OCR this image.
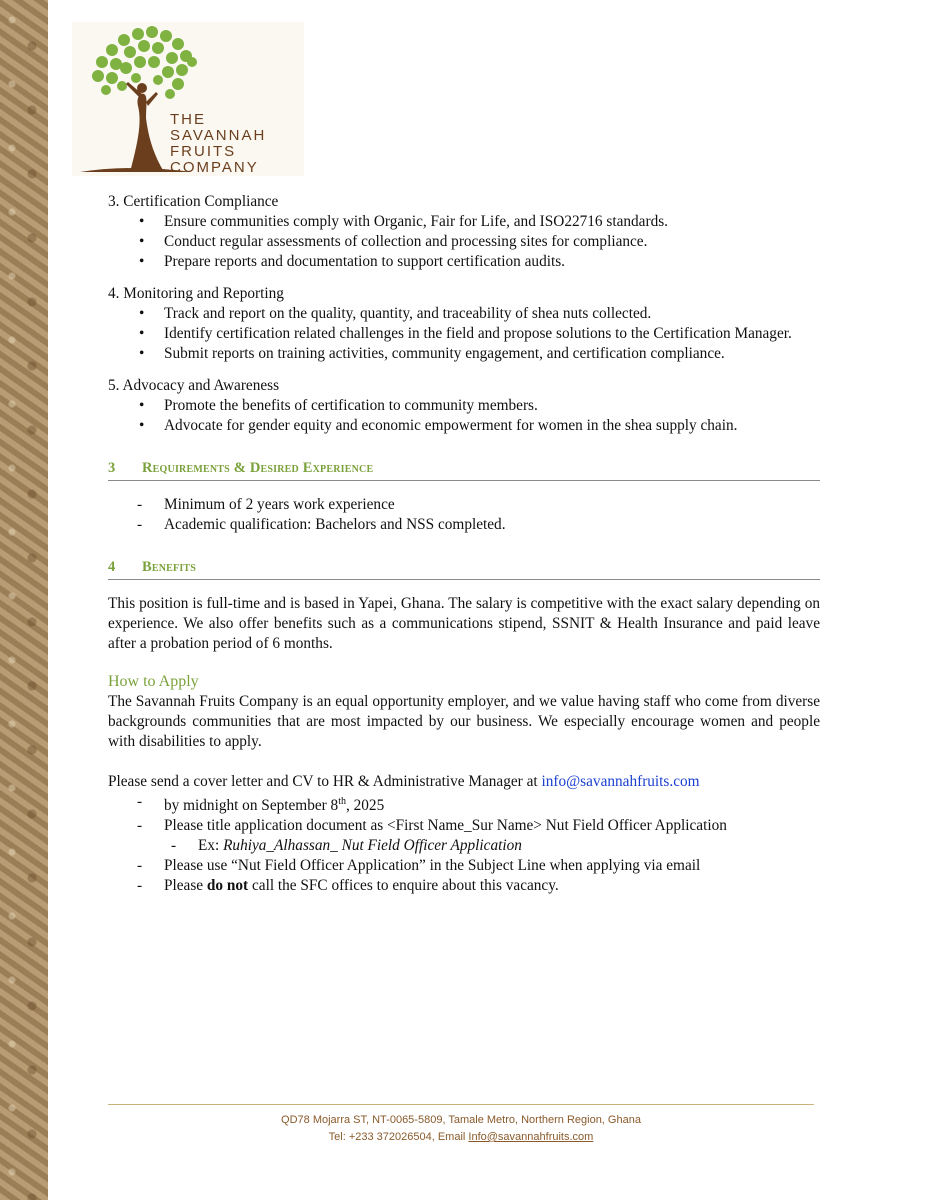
THE
SAVANNAH
FRUITS
COMPANY

3. Certification Compliance

• Ensure communities comply with Organic, Fair for Life, and ISO22716 standards.
• Conduct regular assessments of collection and processing sites for compliance.
• Prepare reports and documentation to support certification audits.

4. Monitoring and Reporting

• Track and report on the quality, quantity, and traceability of shea nuts collected.
• Identify certification related challenges in the field and propose solutions to the Certification Manager.
• Submit reports on training activities, community engagement, and certification compliance.

5. Advocacy and Awareness

• Promote the benefits of certification to community members.
• Advocate for gender equity and economic empowerment for women in the shea supply chain.
3	Requirements & Desired Experience
- Minimum of 2 years work experience
- Academic qualification: Bachelors and NSS completed.
4	Benefits

This position is full-time and is based in Yapei, Ghana. The salary is competitive with the exact salary depending on experience. We also offer benefits such as a communications stipend, SSNIT & Health Insurance and paid leave after a probation period of 6 months.

How to Apply

The Savannah Fruits Company is an equal opportunity employer, and we value having staff who come from diverse backgrounds communities that are most impacted by our business. We especially encourage women and people with disabilities to apply.

Please send a cover letter and CV to HR & Administrative Manager at info@savannahfruits.com

- by midnight on September 8th, 2025
- Please title application document as <First Name_Sur Name> Nut Field Officer Application
- Ex: Ruhiya_Alhassan_ Nut Field Officer Application
- Please use “Nut Field Officer Application” in the Subject Line when applying via email
- Please do not call the SFC offices to enquire about this vacancy.
QD78 Mojarra ST, NT-0065-5809, Tamale Metro, Northern Region, Ghana
Tel: +233 372026504, Email Info@savannahfruits.com
